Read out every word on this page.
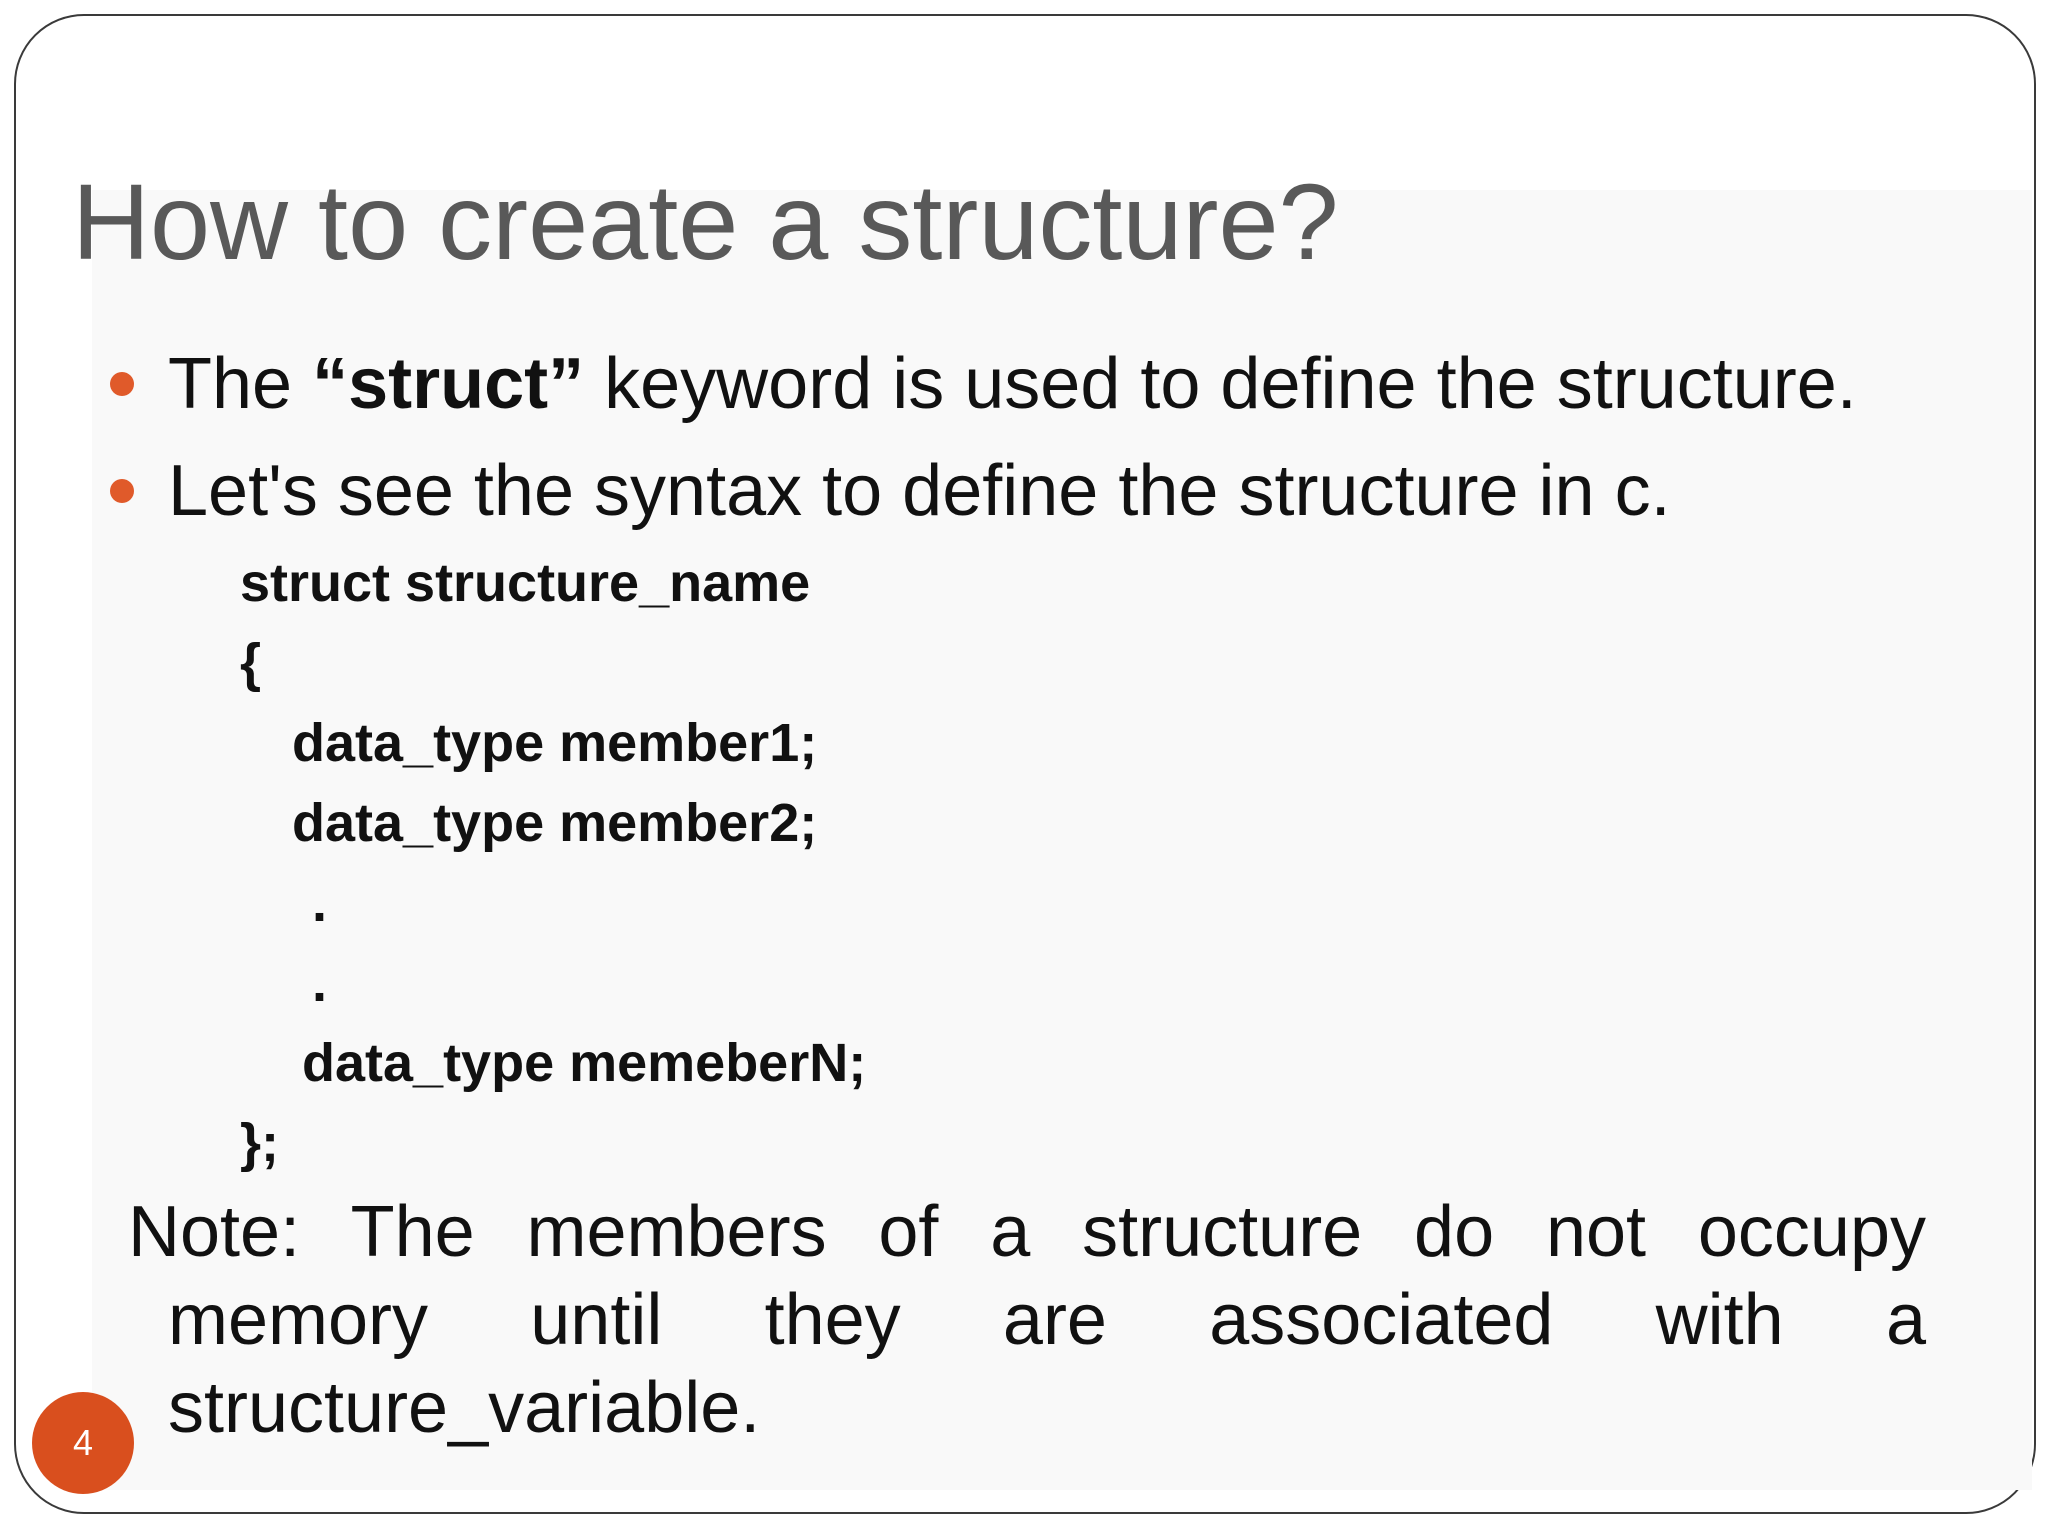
How to create a structure?
The “struct” keyword is used to define the structure.
Let's see the syntax to define the structure in c.
struct structure_name
{
data_type member1;
data_type member2;
.
.
data_type memeberN;
};
Note: The members of a structure do not occupy
memory until they are associated with a
structure_variable.
4
